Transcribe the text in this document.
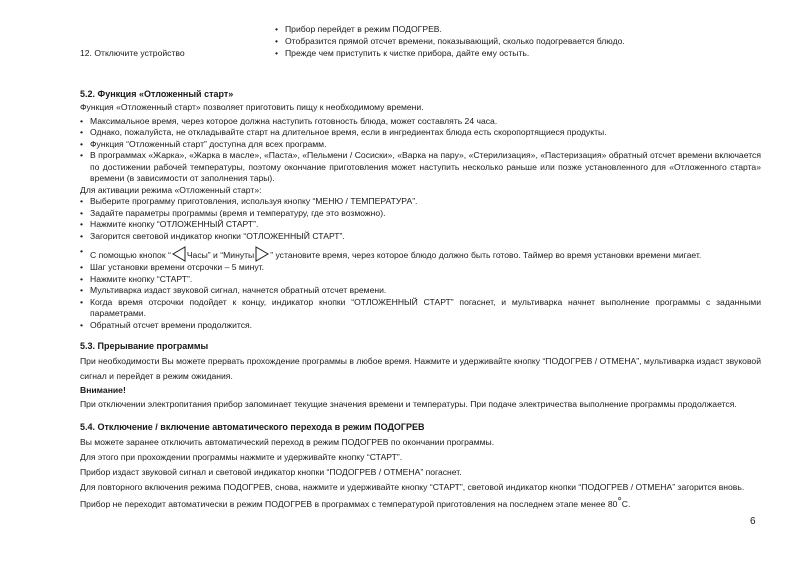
12. Отключите устройство
• Прибор перейдет в режим ПОДОГРЕВ.
• Отобразится прямой отсчет времени, показывающий, сколько подогревается блюдо.
• Прежде чем приступить к чистке прибора, дайте ему остыть.
5.2. Функция «Отложенный старт»

Функция «Отложенный старт» позволяет приготовить пищу к необходимому времени.

• Максимальное время, через которое должна наступить готовность блюда, может составлять 24 часа.
• Однако, пожалуйста, не откладывайте старт на длительное время, если в ингредиентах блюда есть скоропортящиеся продукты.
• Функция “Отложенный старт” доступна для всех программ.
• В программах «Жарка», «Жарка в масле», «Паста», «Пельмени / Сосиски», «Варка на пару», «Стерилизация», «Пастеризация» обратный отсчет времени включается по достижении рабочей температуры, поэтому окончание приготовления может наступить несколько раньше или позже установленного для «Отложенного старта» времени (в зависимости от заполнения тары).

Для активации режима «Отложенный старт»:

• Выберите программу приготовления, используя кнопку “МЕНЮ / ТЕМПЕРАТУРА”.
• Задайте параметры программы (время и температуру, где это возможно).
• Нажмите кнопку “ОТЛОЖЕННЫЙ СТАРТ”.
• Загорится световой индикатор кнопки “ОТЛОЖЕННЫЙ СТАРТ”.
• С помощью кнопок “ Часы” и “Минуты ” установите время, через которое блюдо должно быть готово. Таймер во время установки времени мигает.
• Шаг установки времени отсрочки – 5 минут.
• Нажмите кнопку “СТАРТ”.
• Мультиварка издаст звуковой сигнал, начнется обратный отсчет времени.
• Когда время отсрочки подойдет к концу, индикатор кнопки “ОТЛОЖЕННЫЙ СТАРТ” погаснет, и мультиварка начнет выполнение программы с заданными параметрами.
• Обратный отсчет времени продолжится.
5.3. Прерывание программы

При необходимости Вы можете прервать прохождение программы в любое время. Нажмите и удерживайте кнопку “ПОДОГРЕВ / ОТМЕНА”, мультиварка издаст звуковой сигнал и перейдет в режим ожидания.

Внимание!

При отключении электропитания прибор запоминает текущие значения времени и температуры. При подаче электричества выполнение программы продолжается.

5.4. Отключение / включение автоматического перехода в режим ПОДОГРЕВ

Вы можете заранее отключить автоматический переход в режим ПОДОГРЕВ по окончании программы.

Для этого при прохождении программы нажмите и удерживайте кнопку “СТАРТ”.

Прибор издаст звуковой сигнал и световой индикатор кнопки “ПОДОГРЕВ / ОТМЕНА” погаснет.

Для повторного включения режима ПОДОГРЕВ, снова, нажмите и удерживайте кнопку “СТАРТ”, световой индикатор кнопки “ПОДОГРЕВ / ОТМЕНА” загорится вновь.

Прибор не переходит автоматически в режим ПОДОГРЕВ в программах с температурой приготовления на последнем этапе менее 80°С.

6
